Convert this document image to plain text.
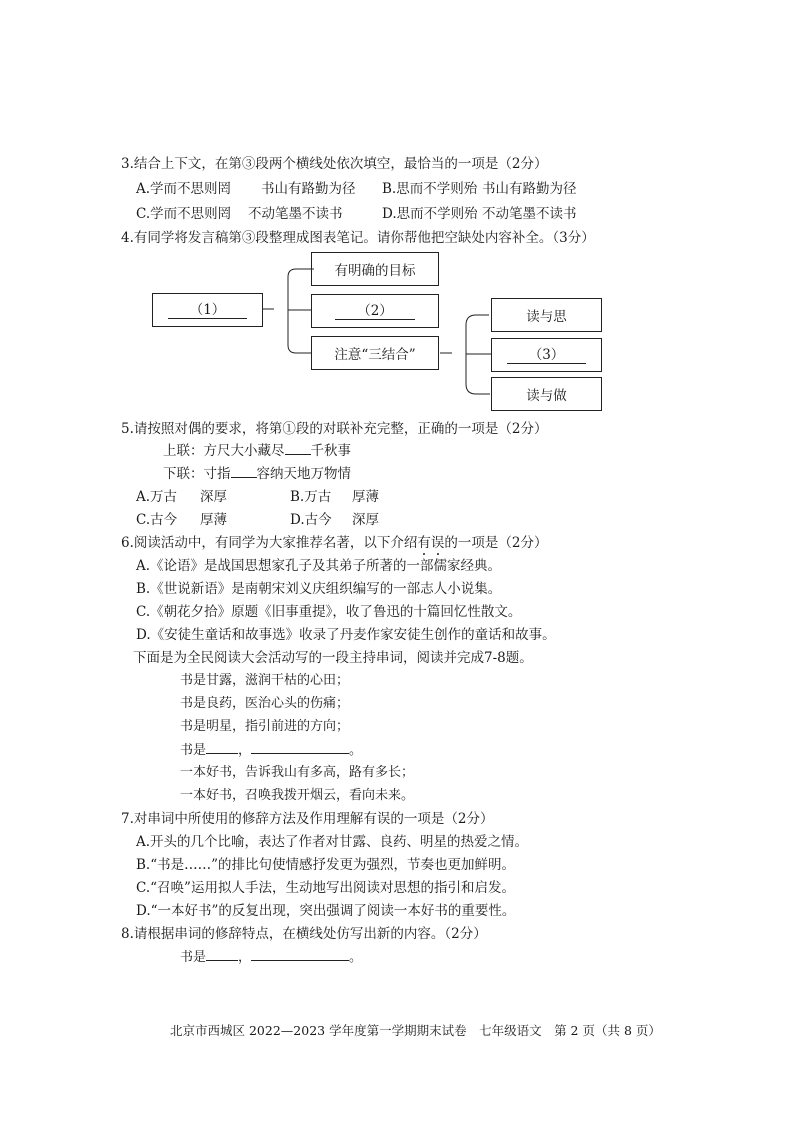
3.结合上下文，在第③段两个横线处依次填空，最恰当的一项是（2分）
A.学而不思则罔 书山有路勤为径 B.思而不学则殆 书山有路勤为径
C.学而不思则罔 不动笔墨不读书	D.思而不学则殆 不动笔墨不读书
4.有同学将发言稿第③段整理成图表笔记。请你帮他把空缺处内容补全。（3分）
（1）
有明确的目标
（2）
注意“三结合”
读与思
（3）
读与做
5.请按照对偶的要求，将第①段的对联补充完整，正确的一项是（2分）
上联：方尺大小藏尽 千秋事
下联：寸指 容纳天地万物情
A.万古 深厚	B.万古 厚薄
C.古今 厚薄	D.古今 深厚
6.阅读活动中，有同学为大家推荐名著，以下介绍有误的一项是（2分）
A.《论语》是战国思想家孔子及其弟子所著的一部儒家经典。
B.《世说新语》是南朝宋刘义庆组织编写的一部志人小说集。
C.《朝花夕拾》原题《旧事重提》，收了鲁迅的十篇回忆性散文。
D.《安徒生童话和故事选》收录了丹麦作家安徒生创作的童话和故事。
下面是为全民阅读大会活动写的一段主持串词，阅读并完成7-8题。
书是甘露，滋润干枯的心田；
书是良药，医治心头的伤痛；
书是明星，指引前进的方向；
书是 ，	。
一本好书，告诉我山有多高，路有多长；
一本好书，召唤我拨开烟云，看向未来。
7.对串词中所使用的修辞方法及作用理解有误的一项是（2分）
A.开头的几个比喻，表达了作者对甘露、良药、明星的热爱之情。
B.“书是……”的排比句使情感抒发更为强烈，节奏也更加鲜明。
C.“召唤”运用拟人手法，生动地写出阅读对思想的指引和启发。
D.“一本好书”的反复出现，突出强调了阅读一本好书的重要性。
8.请根据串词的修辞特点，在横线处仿写出新的内容。（2分）
书是 ，	。
北京市西城区 2022—2023 学年度第一学期期末试卷　七年级语文　第 2 页（共 8 页）
